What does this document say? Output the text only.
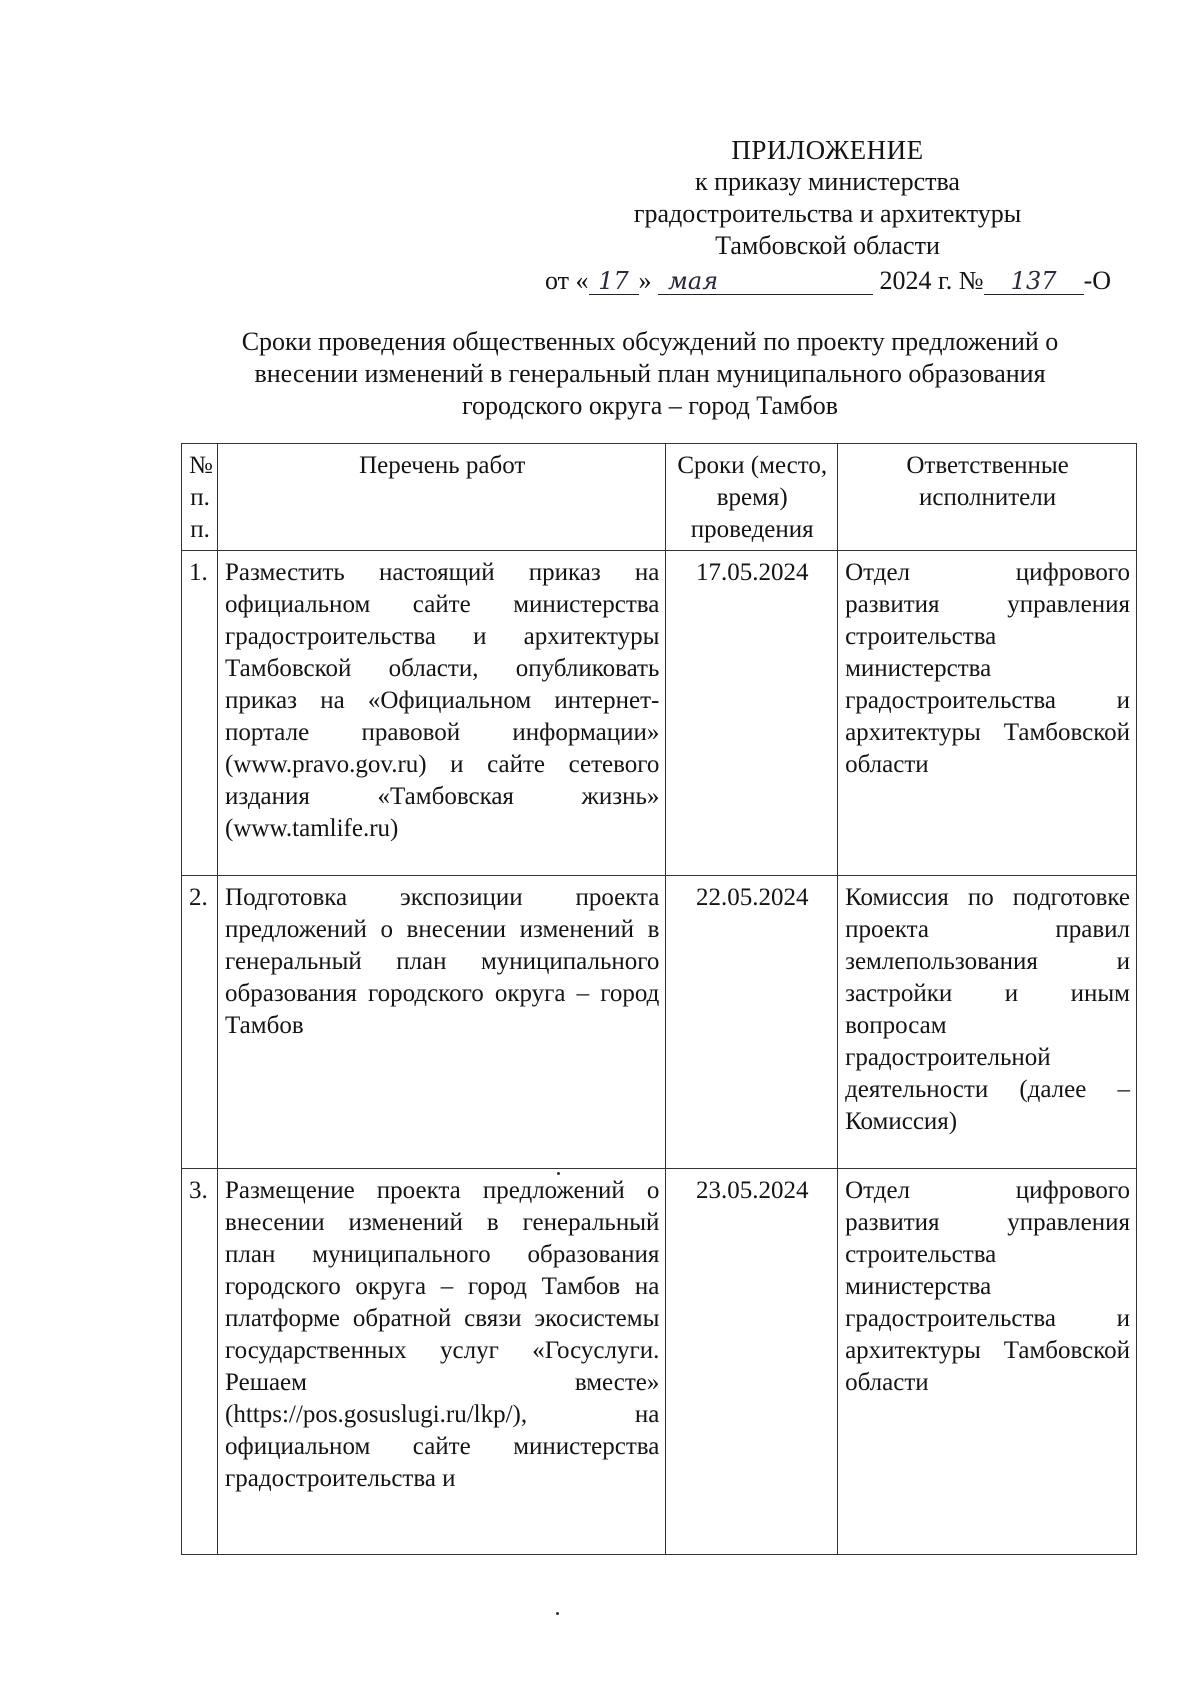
ПРИЛОЖЕНИЕ
к приказу министерства
градостроительства и архитектуры
Тамбовской области
от « 17 » мая	2024 г. № 137 -О
Сроки проведения общественных обсуждений по проекту предложений о
внесении изменений в генеральный план муниципального образования
городского округа – город Тамбов
№ п. п.	Перечень работ	Сроки (место, время) проведения	Ответственные исполнители
1.	Разместить настоящий приказ на официальном сайте министерства градостроительства и архитектуры Тамбовской области, опубликовать приказ на «Официальном интернет-портале правовой информации» (www.pravo.gov.ru) и сайте сетевого издания «Тамбовская жизнь» (www.tamlife.ru)	17.05.2024	Отдел цифрового развития управления строительства министерства градостроительства и архитектуры Тамбовской области
2.	Подготовка экспозиции проекта предложений о внесении изменений в генеральный план муниципального образования городского округа – город Тамбов	22.05.2024	Комиссия по подготовке проекта правил землепользования и застройки и иным вопросам градостроительной деятельности (далее – Комиссия)
3.	Размещение проекта предложений о внесении изменений в генеральный план муниципального образования городского округа – город Тамбов на платформе обратной связи экосистемы государственных услуг «Госуслуги. Решаем вместе» (https://pos.gosuslugi.ru/lkp/), на официальном сайте министерства градостроительства и	23.05.2024	Отдел цифрового развития управления строительства министерства градостроительства и архитектуры Тамбовской области
